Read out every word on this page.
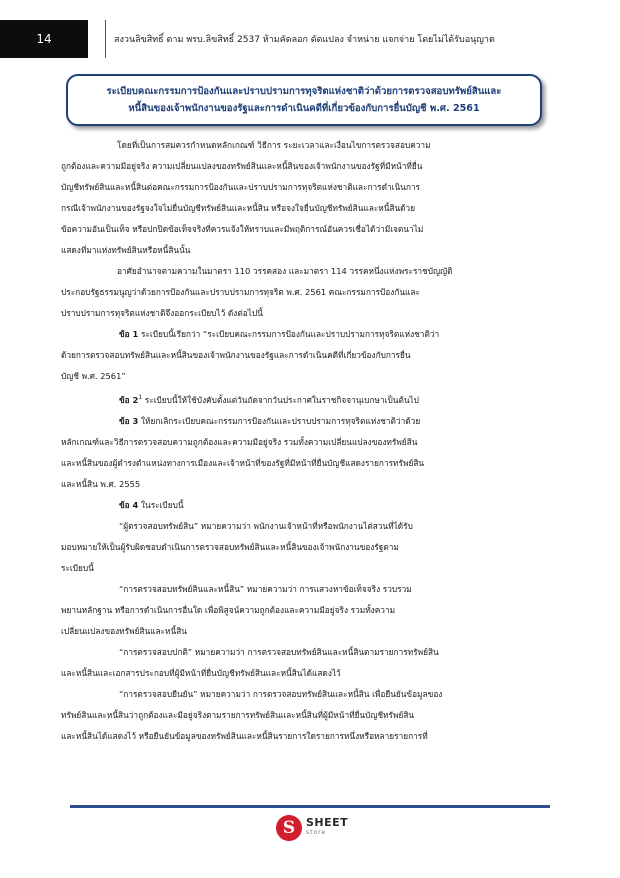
14	สงวนลิขสิทธิ์ ตาม พรบ.ลิขสิทธิ์ 2537 ห้ามคัดลอก ดัดแปลง จำหน่าย แจกจ่าย โดยไม่ได้รับอนุญาต
ระเบียบคณะกรรมการป้องกันและปราบปรามการทุจริตแห่งชาติว่าด้วยการตรวจสอบทรัพย์สินและ
หนี้สินของเจ้าพนักงานของรัฐและการดำเนินคดีที่เกี่ยวข้องกับการยื่นบัญชี พ.ศ. 2561

โดยที่เป็นการสมควรกำหนดหลักเกณฑ์ วิธีการ ระยะเวลาและเงื่อนไขการตรวจสอบความ

ถูกต้องและความมีอยู่จริง ความเปลี่ยนแปลงของทรัพย์สินและหนี้สินของเจ้าพนักงานของรัฐที่มีหน้าที่ยื่น

บัญชีทรัพย์สินและหนี้สินต่อคณะกรรมการป้องกันและปราบปรามการทุจริตแห่งชาติและการดำเนินการ

กรณีเจ้าพนักงานของรัฐจงใจไม่ยื่นบัญชีทรัพย์สินและหนี้สิน หรือจงใจยื่นบัญชีทรัพย์สินและหนี้สินด้วย

ข้อความอันเป็นเท็จ หรือปกปิดข้อเท็จจริงที่ควรแจ้งให้ทราบและมีพฤติการณ์อันควรเชื่อได้ว่ามีเจตนาไม่

แสดงที่มาแห่งทรัพย์สินหรือหนี้สินนั้น

อาศัยอำนาจตามความในมาตรา 110 วรรคสอง และมาตรา 114 วรรคหนึ่งแห่งพระราชบัญญัติ

ประกอบรัฐธรรมนูญว่าด้วยการป้องกันและปราบปรามการทุจริต พ.ศ. 2561 คณะกรรมการป้องกันและ

ปราบปรามการทุจริตแห่งชาติจึงออกระเบียบไว้ ดังต่อไปนี้

ข้อ 1 ระเบียบนี้เรียกว่า “ระเบียบคณะกรรมการป้องกันและปราบปรามการทุจริตแห่งชาติว่า

ด้วยการตรวจสอบทรัพย์สินและหนี้สินของเจ้าพนักงานของรัฐและการดำเนินคดีที่เกี่ยวข้องกับการยื่น

บัญชี พ.ศ. 2561”

ข้อ $2^1$ ระเบียบนี้ให้ใช้บังคับตั้งแต่วันถัดจากวันประกาศในราชกิจจานุเบกษาเป็นต้นไป

ข้อ 3 ให้ยกเลิกระเบียบคณะกรรมการป้องกันและปราบปรามการทุจริตแห่งชาติว่าด้วย

หลักเกณฑ์และวิธีการตรวจสอบความถูกต้องและความมีอยู่จริง รวมทั้งความเปลี่ยนแปลงของทรัพย์สิน

และหนี้สินของผู้ดำรงตำแหน่งทางการเมืองและเจ้าหน้าที่ของรัฐที่มีหน้าที่ยื่นบัญชีแสดงรายการทรัพย์สิน

และหนี้สิน พ.ศ. 2555

ข้อ 4 ในระเบียบนี้

“ผู้ตรวจสอบทรัพย์สิน” หมายความว่า พนักงานเจ้าหน้าที่หรือพนักงานไต่สวนที่ได้รับ

มอบหมายให้เป็นผู้รับผิดชอบดำเนินการตรวจสอบทรัพย์สินและหนี้สินของเจ้าพนักงานของรัฐตาม

ระเบียบนี้

“การตรวจสอบทรัพย์สินและหนี้สิน” หมายความว่า การแสวงหาข้อเท็จจริง รวบรวม

พยานหลักฐาน หรือการดำเนินการอื่นใด เพื่อพิสูจน์ความถูกต้องและความมีอยู่จริง รวมทั้งความ

เปลี่ยนแปลงของทรัพย์สินและหนี้สิน

“การตรวจสอบปกติ” หมายความว่า การตรวจสอบทรัพย์สินและหนี้สินตามรายการทรัพย์สิน

และหนี้สินและเอกสารประกอบที่ผู้มีหน้าที่ยื่นบัญชีทรัพย์สินและหนี้สินได้แสดงไว้

“การตรวจสอบยืนยัน” หมายความว่า การตรวจสอบทรัพย์สินและหนี้สิน เพื่อยืนยันข้อมูลของ

ทรัพย์สินและหนี้สินว่าถูกต้องและมีอยู่จริงตามรายการทรัพย์สินและหนี้สินที่ผู้มีหน้าที่ยื่นบัญชีทรัพย์สิน

และหนี้สินได้แสดงไว้ หรือยืนยันข้อมูลของทรัพย์สินและหนี้สินรายการใดรายการหนึ่งหรือหลายรายการที่

S SHEET
store
